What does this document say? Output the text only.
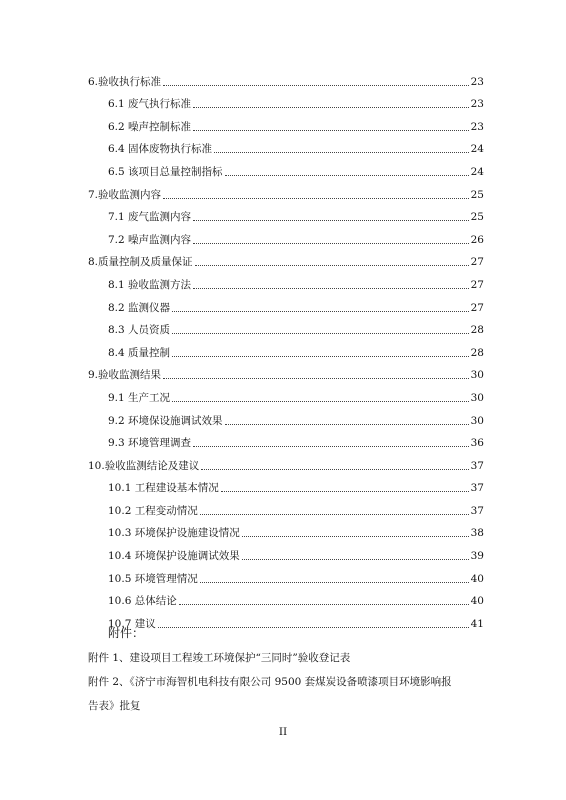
6.验收执行标准	23
6.1 废气执行标准	23
6.2 噪声控制标准	23
6.4 固体废物执行标准	24
6.5 该项目总量控制指标	24
7.验收监测内容	25
7.1 废气监测内容	25
7.2 噪声监测内容	26
8.质量控制及质量保证	27
8.1 验收监测方法	27
8.2 监测仪器	27
8.3 人员资质	28
8.4 质量控制	28
9.验收监测结果	30
9.1 生产工况	30
9.2 环境保设施调试效果	30
9.3 环境管理调查	36
10.验收监测结论及建议	37
10.1 工程建设基本情况	37
10.2 工程变动情况	37
10.3 环境保护设施建设情况	38
10.4 环境保护设施调试效果	39
10.5 环境管理情况	40
10.6 总体结论	40
10.7 建议	41
附件：
附件 1、建设项目工程竣工环境保护“三同时”验收登记表
附件 2、《济宁市海智机电科技有限公司 9500 套煤炭设备喷漆项目环境影响报
告表》批复
II
